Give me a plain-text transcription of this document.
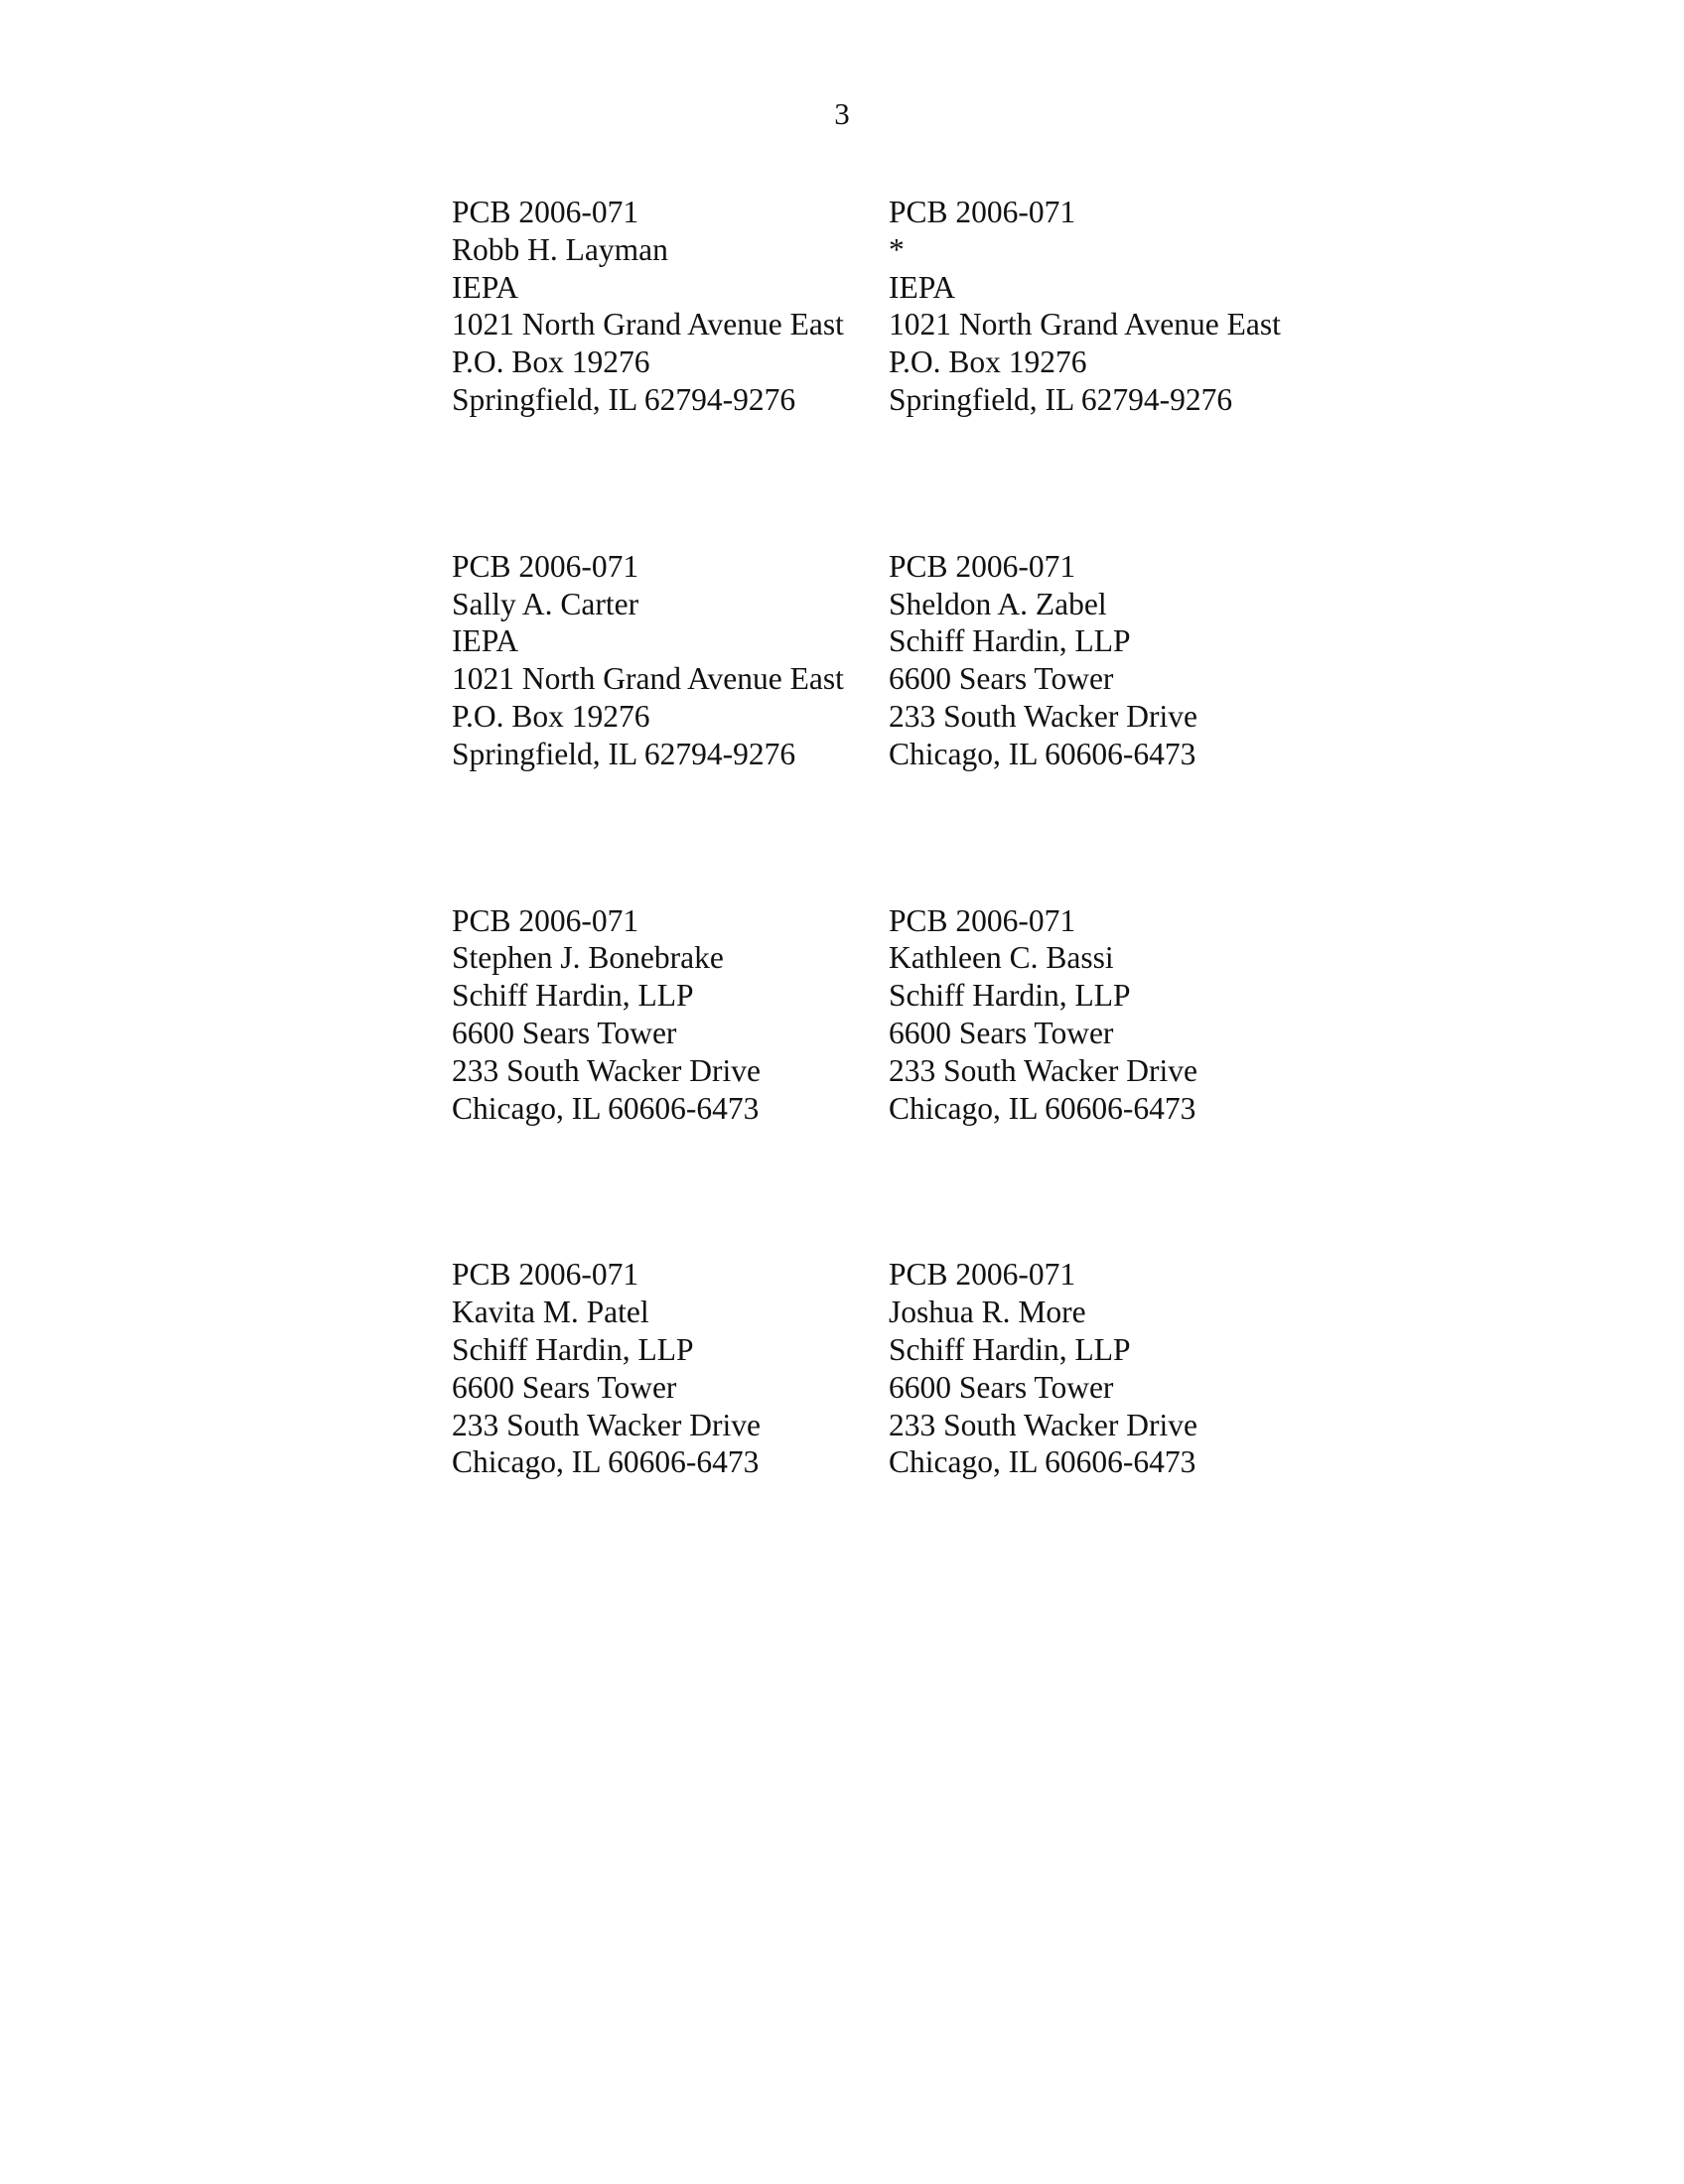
3
PCB 2006-071
Robb H. Layman
IEPA
1021 North Grand Avenue East
P.O. Box 19276
Springfield, IL 62794-9276
PCB 2006-071
*
IEPA
1021 North Grand Avenue East
P.O. Box 19276
Springfield, IL 62794-9276
PCB 2006-071
Sally A. Carter
IEPA
1021 North Grand Avenue East
P.O. Box 19276
Springfield, IL 62794-9276
PCB 2006-071
Sheldon A. Zabel
Schiff Hardin, LLP
6600 Sears Tower
233 South Wacker Drive
Chicago, IL 60606-6473
PCB 2006-071
Stephen J. Bonebrake
Schiff Hardin, LLP
6600 Sears Tower
233 South Wacker Drive
Chicago, IL 60606-6473
PCB 2006-071
Kathleen C. Bassi
Schiff Hardin, LLP
6600 Sears Tower
233 South Wacker Drive
Chicago, IL 60606-6473
PCB 2006-071
Kavita M. Patel
Schiff Hardin, LLP
6600 Sears Tower
233 South Wacker Drive
Chicago, IL 60606-6473
PCB 2006-071
Joshua R. More
Schiff Hardin, LLP
6600 Sears Tower
233 South Wacker Drive
Chicago, IL 60606-6473
